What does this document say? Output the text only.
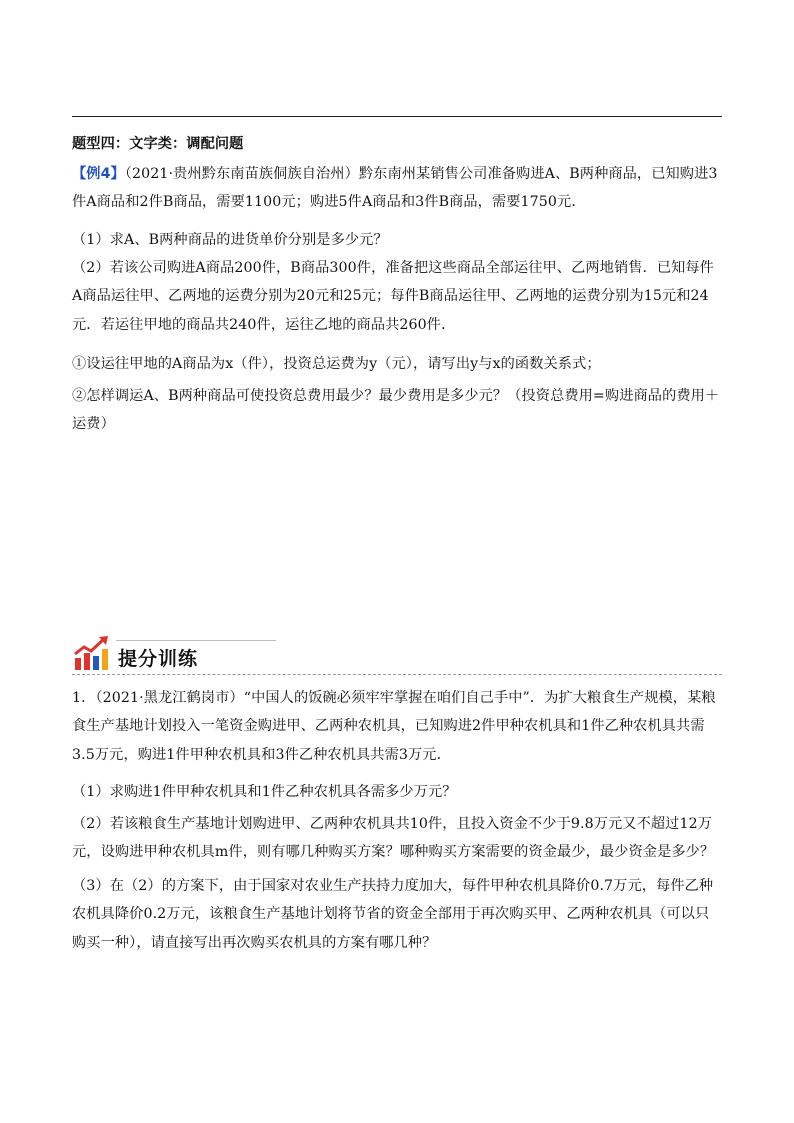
题型四：文字类：调配问题
【例4】（2021·贵州黔东南苗族侗族自治州）黔东南州某销售公司准备购进A、B两种商品，已知购进3件A商品和2件B商品，需要1100元；购进5件A商品和3件B商品，需要1750元．
（1）求A、B两种商品的进货单价分别是多少元？
（2）若该公司购进A商品200件，B商品300件，准备把这些商品全部运往甲、乙两地销售．已知每件A商品运往甲、乙两地的运费分别为20元和25元；每件B商品运往甲、乙两地的运费分别为15元和24元．若运往甲地的商品共240件，运往乙地的商品共260件．
①设运往甲地的A商品为x（件），投资总运费为y（元），请写出y与x的函数关系式；
②怎样调运A、B两种商品可使投资总费用最少？最少费用是多少元？（投资总费用=购进商品的费用＋运费）
提分训练
1．（2021·黑龙江鹤岗市）“中国人的饭碗必须牢牢掌握在咱们自己手中”．为扩大粮食生产规模，某粮食生产基地计划投入一笔资金购进甲、乙两种农机具，已知购进2件甲种农机具和1件乙种农机具共需3.5万元，购进1件甲种农机具和3件乙种农机具共需3万元．
（1）求购进1件甲种农机具和1件乙种农机具各需多少万元？
（2）若该粮食生产基地计划购进甲、乙两种农机具共10件，且投入资金不少于9.8万元又不超过12万元，设购进甲种农机具m件，则有哪几种购买方案？哪种购买方案需要的资金最少，最少资金是多少？
（3）在（2）的方案下，由于国家对农业生产扶持力度加大，每件甲种农机具降价0.7万元，每件乙种农机具降价0.2万元，该粮食生产基地计划将节省的资金全部用于再次购买甲、乙两种农机具（可以只购买一种），请直接写出再次购买农机具的方案有哪几种？
